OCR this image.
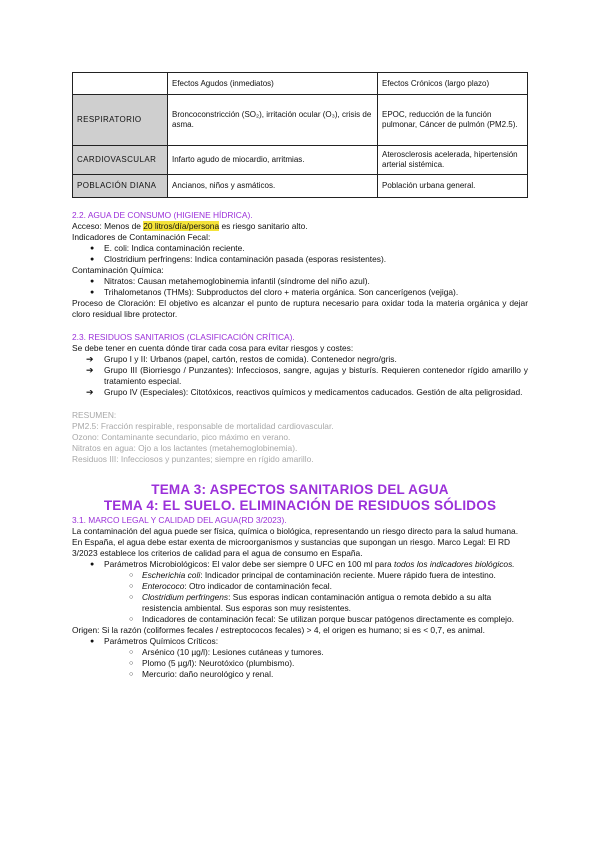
	Efectos Agudos (inmediatos)	Efectos Crónicos (largo plazo)
RESPIRATORIO	Broncoconstricción (SO₂), irritación ocular (O₃), crisis de asma.	EPOC, reducción de la función pulmonar, Cáncer de pulmón (PM2.5).
CARDIOVASCULAR	Infarto agudo de miocardio, arritmias.	Aterosclerosis acelerada, hipertensión arterial sistémica.
POBLACIÓN DIANA	Ancianos, niños y asmáticos.	Población urbana general.
2.2. AGUA DE CONSUMO (HIGIENE HÍDRICA).

Acceso: Menos de 20 litros/día/persona es riesgo sanitario alto.

Indicadores de Contaminación Fecal:

● E. coli: Indica contaminación reciente.
● Clostridium perfringens: Indica contaminación pasada (esporas resistentes).

Contaminación Química:

● Nitratos: Causan metahemoglobinemia infantil (síndrome del niño azul).
● Trihalometanos (THMs): Subproductos del cloro + materia orgánica. Son cancerígenos (vejiga).

Proceso de Cloración: El objetivo es alcanzar el punto de ruptura necesario para oxidar toda la materia orgánica y dejar cloro residual libre protector.

2.3. RESIDUOS SANITARIOS (CLASIFICACIÓN CRÍTICA).

Se debe tener en cuenta dónde tirar cada cosa para evitar riesgos y costes:

➔ Grupo I y II: Urbanos (papel, cartón, restos de comida). Contenedor negro/gris.
➔ Grupo III (Biorriesgo / Punzantes): Infecciosos, sangre, agujas y bisturís. Requieren contenedor rígido amarillo y tratamiento especial.
➔ Grupo IV (Especiales): Citotóxicos, reactivos químicos y medicamentos caducados. Gestión de alta peligrosidad.

RESUMEN:

PM2.5: Fracción respirable, responsable de mortalidad cardiovascular.

Ozono: Contaminante secundario, pico máximo en verano.

Nitratos en agua: Ojo a los lactantes (metahemoglobinemia).

Residuos III: Infecciosos y punzantes; siempre en rígido amarillo.

TEMA 3: ASPECTOS SANITARIOS DEL AGUA
TEMA 4: EL SUELO. ELIMINACIÓN DE RESIDUOS SÓLIDOS
3.1. MARCO LEGAL Y CALIDAD DEL AGUA(RD 3/2023).

La contaminación del agua puede ser física, química o biológica, representando un riesgo directo para la salud humana.

En España, el agua debe estar exenta de microorganismos y sustancias que supongan un riesgo. Marco Legal: El RD 3/2023 establece los criterios de calidad para el agua de consumo en España.

● Parámetros Microbiológicos: El valor debe ser siempre 0 UFC en 100 ml para todos los indicadores biológicos.
○ Escherichia coli: Indicador principal de contaminación reciente. Muere rápido fuera de intestino.
○ Enterococo: Otro indicador de contaminación fecal.
○ Clostridium perfringens: Sus esporas indican contaminación antigua o remota debido a su alta resistencia ambiental. Sus esporas son muy resistentes.
○ Indicadores de contaminación fecal: Se utilizan porque buscar patógenos directamente es complejo.

Origen: Si la razón (coliformes fecales / estreptococos fecales) > 4, el origen es humano; si es < 0,7, es animal.

● Parámetros Químicos Críticos:
○ Arsénico (10 µg/l): Lesiones cutáneas y tumores.
○ Plomo (5 µg/l): Neurotóxico (plumbismo).
○ Mercurio: daño neurológico y renal.
